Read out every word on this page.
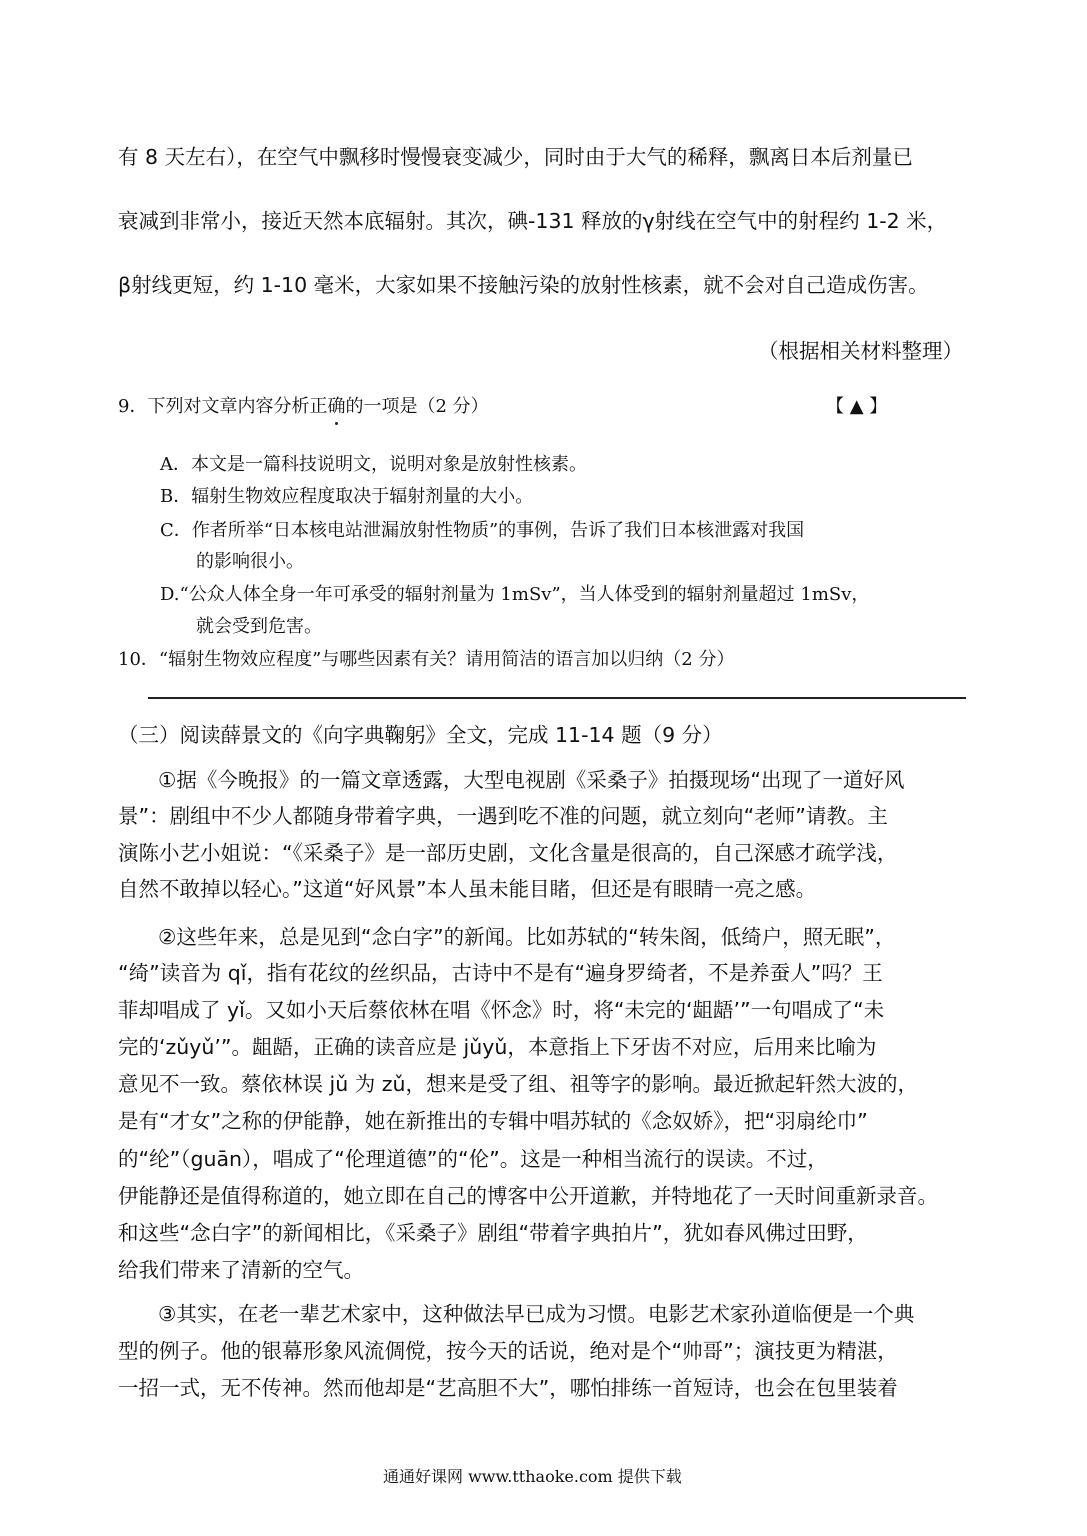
有 8 天左右），在空气中飘移时慢慢衰变减少，同时由于大气的稀释，飘离日本后剂量已
衰减到非常小，接近天然本底辐射。其次，碘-131 释放的γ射线在空气中的射程约 1-2 米，
β射线更短，约 1-10 毫米，大家如果不接触污染的放射性核素，就不会对自己造成伤害。
（根据相关材料整理）
9．下列对文章内容分析正确的一项是（2 分）	【 ▲ 】
A．本文是一篇科技说明文，说明对象是放射性核素。
B．辐射生物效应程度取决于辐射剂量的大小。
C．作者所举“日本核电站泄漏放射性物质”的事例，告诉了我们日本核泄露对我国
的影响很小。
D.“公众人体全身一年可承受的辐射剂量为 1mSv”，当人体受到的辐射剂量超过 1mSv，
就会受到危害。
10．“辐射生物效应程度”与哪些因素有关？请用简洁的语言加以归纳（2 分）
（三）阅读薛景文的《向字典鞠躬》全文，完成 11-14 题（9 分）
①据《今晚报》的一篇文章透露，大型电视剧《采桑子》拍摄现场“出现了一道好风
景”：剧组中不少人都随身带着字典，一遇到吃不准的问题，就立刻向“老师”请教。主
演陈小艺小姐说：“《采桑子》是一部历史剧，文化含量是很高的，自己深感才疏学浅，
自然不敢掉以轻心。”这道“好风景”本人虽未能目睹，但还是有眼睛一亮之感。
②这些年来，总是见到“念白字”的新闻。比如苏轼的“转朱阁，低绮户，照无眠”，
“绮”读音为 qǐ，指有花纹的丝织品，古诗中不是有“遍身罗绮者，不是养蚕人”吗？王
菲却唱成了 yǐ。又如小天后蔡依林在唱《怀念》时，将“未完的‘龃龉’”一句唱成了“未
完的‘zǔyǔ’”。龃龉，正确的读音应是 jǔyǔ，本意指上下牙齿不对应，后用来比喻为
意见不一致。蔡依林误 jǔ 为 zǔ，想来是受了组、祖等字的影响。最近掀起轩然大波的，
是有“才女”之称的伊能静，她在新推出的专辑中唱苏轼的《念奴娇》，把“羽扇纶巾”
的“纶”（guān），唱成了“伦理道德”的“伦”。这是一种相当流行的误读。不过，
伊能静还是值得称道的，她立即在自己的博客中公开道歉，并特地花了一天时间重新录音。
和这些“念白字”的新闻相比，《采桑子》剧组“带着字典拍片”，犹如春风佛过田野，
给我们带来了清新的空气。
③其实，在老一辈艺术家中，这种做法早已成为习惯。电影艺术家孙道临便是一个典
型的例子。他的银幕形象风流倜傥，按今天的话说，绝对是个“帅哥”；演技更为精湛，
一招一式，无不传神。然而他却是“艺高胆不大”，哪怕排练一首短诗，也会在包里装着
通通好课网 www.tthaoke.com 提供下载
